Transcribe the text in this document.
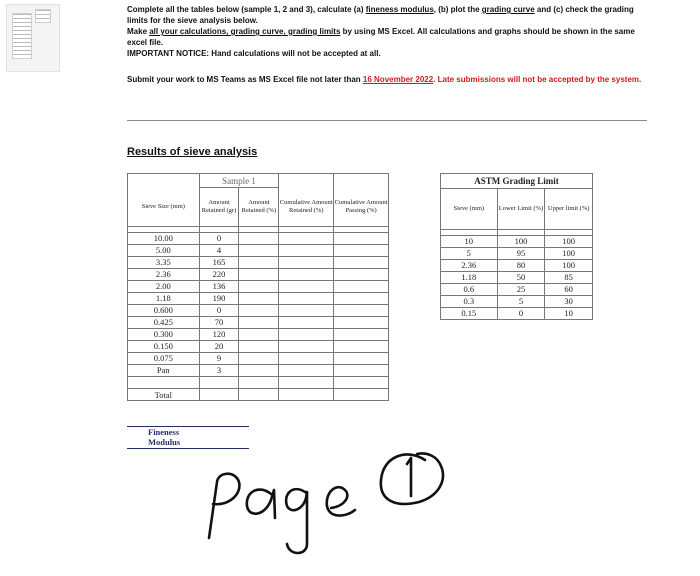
Complete all the tables below (sample 1, 2 and 3), calculate (a) fineness modulus, (b) plot the grading curve and (c) check the grading limits for the sieve analysis below.

Make all your calculations, grading curve, grading limits by using MS Excel. All calculations and graphs should be shown in the same excel file.

IMPORTANT NOTICE: Hand calculations will not be accepted at all.

Submit your work to MS Teams as MS Excel file not later than 16 November 2022. Late submissions will not be accepted by the system.
Results of sieve analysis
	Sample 1			
Sieve Size (mm)	Amount Retained (gr)	Amount Retained (%)	Cumulative Amount Retained (%)	Cumulative Amount Passing (%)

10.00	0			
5.00	4			
3.35	165			
2.36	220			
2.00	136			
1.18	190			
0.600	0			
0.425	70			
0.300	120			
0.150	20			
0.075	9			
Pan	3			

Total				
Fineness
Modulus
ASTM Grading Limit		
Sieve (mm)	Lower Limit (%)	Upper limit (%)

10	100	100
5	95	100
2.36	80	100
1.18	50	85
0.6	25	60
0.3	5	30
0.15	0	10
